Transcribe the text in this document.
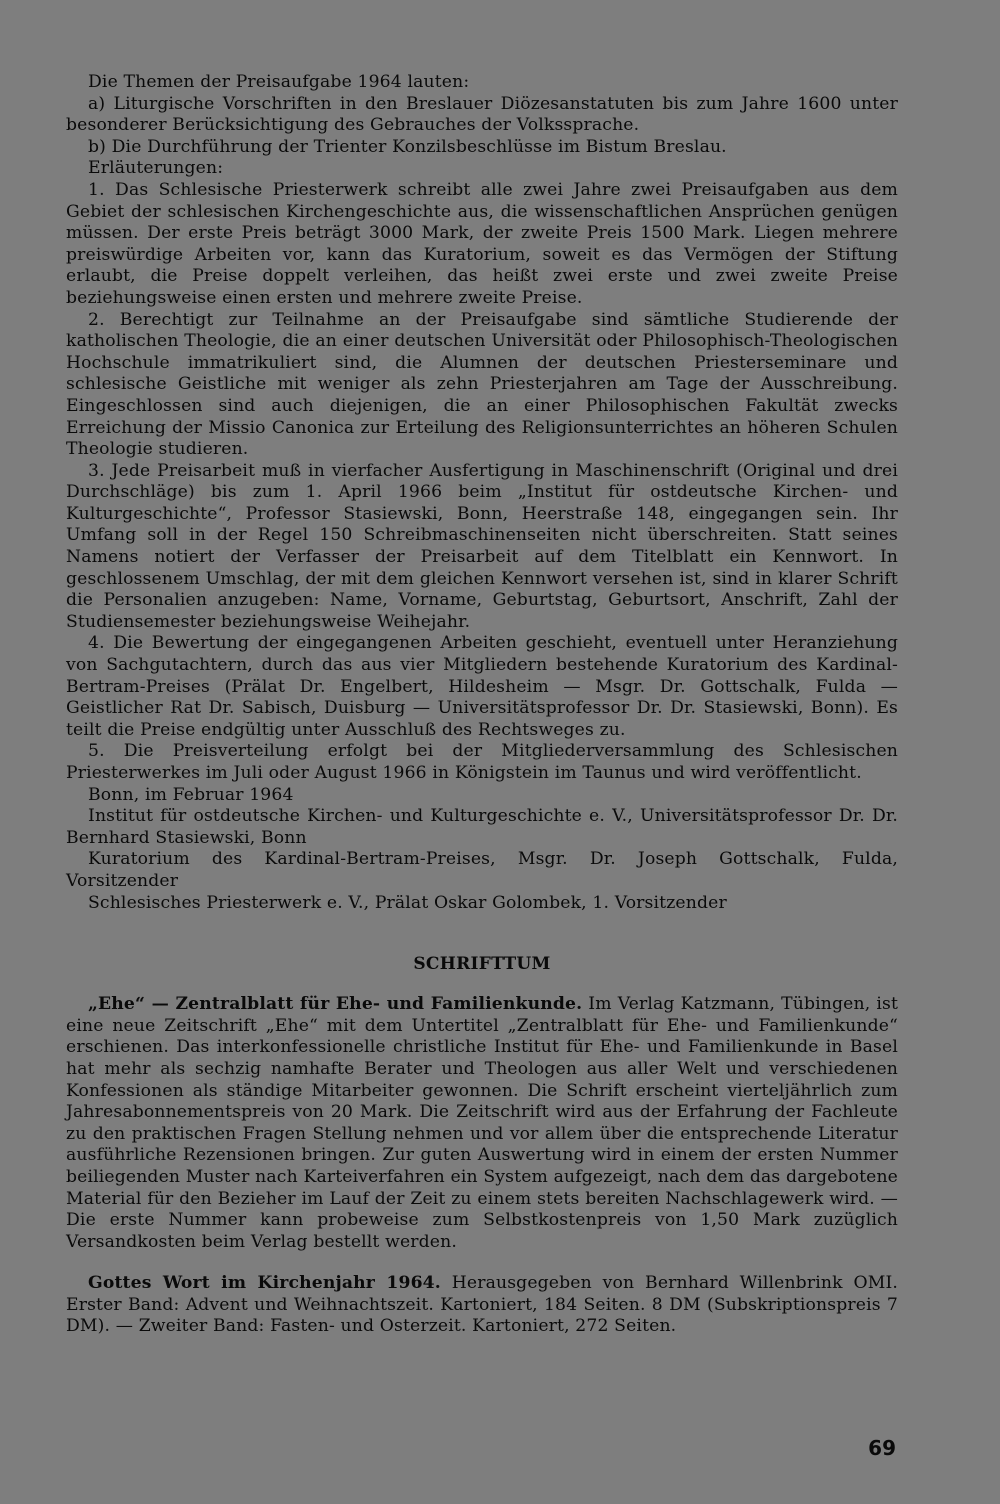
Die Themen der Preisaufgabe 1964 lauten:

a) Liturgische Vorschriften in den Breslauer Diözesanstatuten bis zum Jahre 1600 unter besonderer Berücksichtigung des Gebrauches der Volkssprache.

b) Die Durchführung der Trienter Konzilsbeschlüsse im Bistum Breslau.

Erläuterungen:

1. Das Schlesische Priesterwerk schreibt alle zwei Jahre zwei Preisaufgaben aus dem Gebiet der schlesischen Kirchengeschichte aus, die wissenschaftlichen Ansprüchen genügen müssen. Der erste Preis beträgt 3000 Mark, der zweite Preis 1500 Mark. Liegen mehrere preiswürdige Arbeiten vor, kann das Kuratorium, soweit es das Vermögen der Stiftung erlaubt, die Preise doppelt verleihen, das heißt zwei erste und zwei zweite Preise beziehungsweise einen ersten und mehrere zweite Preise.

2. Berechtigt zur Teilnahme an der Preisaufgabe sind sämtliche Studierende der katholischen Theologie, die an einer deutschen Universität oder Philosophisch-Theologischen Hochschule immatrikuliert sind, die Alumnen der deutschen Priesterseminare und schlesische Geistliche mit weniger als zehn Priesterjahren am Tage der Ausschreibung. Eingeschlossen sind auch diejenigen, die an einer Philosophischen Fakultät zwecks Erreichung der Missio Canonica zur Erteilung des Religionsunterrichtes an höheren Schulen Theologie studieren.

3. Jede Preisarbeit muß in vierfacher Ausfertigung in Maschinenschrift (Original und drei Durchschläge) bis zum 1. April 1966 beim „Institut für ostdeutsche Kirchen- und Kulturgeschichte“, Professor Stasiewski, Bonn, Heerstraße 148, eingegangen sein. Ihr Umfang soll in der Regel 150 Schreibmaschinenseiten nicht überschreiten. Statt seines Namens notiert der Verfasser der Preisarbeit auf dem Titelblatt ein Kennwort. In geschlossenem Umschlag, der mit dem gleichen Kennwort versehen ist, sind in klarer Schrift die Personalien anzugeben: Name, Vorname, Geburtstag, Geburtsort, Anschrift, Zahl der Studiensemester beziehungsweise Weihejahr.

4. Die Bewertung der eingegangenen Arbeiten geschieht, eventuell unter Heranziehung von Sachgutachtern, durch das aus vier Mitgliedern bestehende Kuratorium des Kardinal-Bertram-Preises (Prälat Dr. Engelbert, Hildesheim — Msgr. Dr. Gottschalk, Fulda — Geistlicher Rat Dr. Sabisch, Duisburg — Universitätsprofessor Dr. Dr. Stasiewski, Bonn). Es teilt die Preise endgültig unter Ausschluß des Rechtsweges zu.

5. Die Preisverteilung erfolgt bei der Mitgliederversammlung des Schlesischen Priesterwerkes im Juli oder August 1966 in Königstein im Taunus und wird veröffentlicht.

Bonn, im Februar 1964

Institut für ostdeutsche Kirchen- und Kulturgeschichte e. V., Universitätsprofessor Dr. Dr. Bernhard Stasiewski, Bonn

Kuratorium des Kardinal-Bertram-Preises, Msgr. Dr. Joseph Gottschalk, Fulda, Vorsitzender

Schlesisches Priesterwerk e. V., Prälat Oskar Golombek, 1. Vorsitzender

SCHRIFTTUM

„Ehe“ — Zentralblatt für Ehe- und Familienkunde. Im Verlag Katzmann, Tübingen, ist eine neue Zeitschrift „Ehe“ mit dem Untertitel „Zentralblatt für Ehe- und Familienkunde“ erschienen. Das interkonfessionelle christliche Institut für Ehe- und Familienkunde in Basel hat mehr als sechzig namhafte Berater und Theologen aus aller Welt und verschiedenen Konfessionen als ständige Mitarbeiter gewonnen. Die Schrift erscheint vierteljährlich zum Jahresabonnementspreis von 20 Mark. Die Zeitschrift wird aus der Erfahrung der Fachleute zu den praktischen Fragen Stellung nehmen und vor allem über die entsprechende Literatur ausführliche Rezensionen bringen. Zur guten Auswertung wird in einem der ersten Nummer beiliegenden Muster nach Karteiverfahren ein System aufgezeigt, nach dem das dargebotene Material für den Bezieher im Lauf der Zeit zu einem stets bereiten Nachschlagewerk wird. — Die erste Nummer kann probeweise zum Selbstkostenpreis von 1,50 Mark zuzüglich Versandkosten beim Verlag bestellt werden.

Gottes Wort im Kirchenjahr 1964. Herausgegeben von Bernhard Willenbrink OMI. Erster Band: Advent und Weihnachtszeit. Kartoniert, 184 Seiten. 8 DM (Subskriptionspreis 7 DM). — Zweiter Band: Fasten- und Osterzeit. Kartoniert, 272 Seiten.

69
